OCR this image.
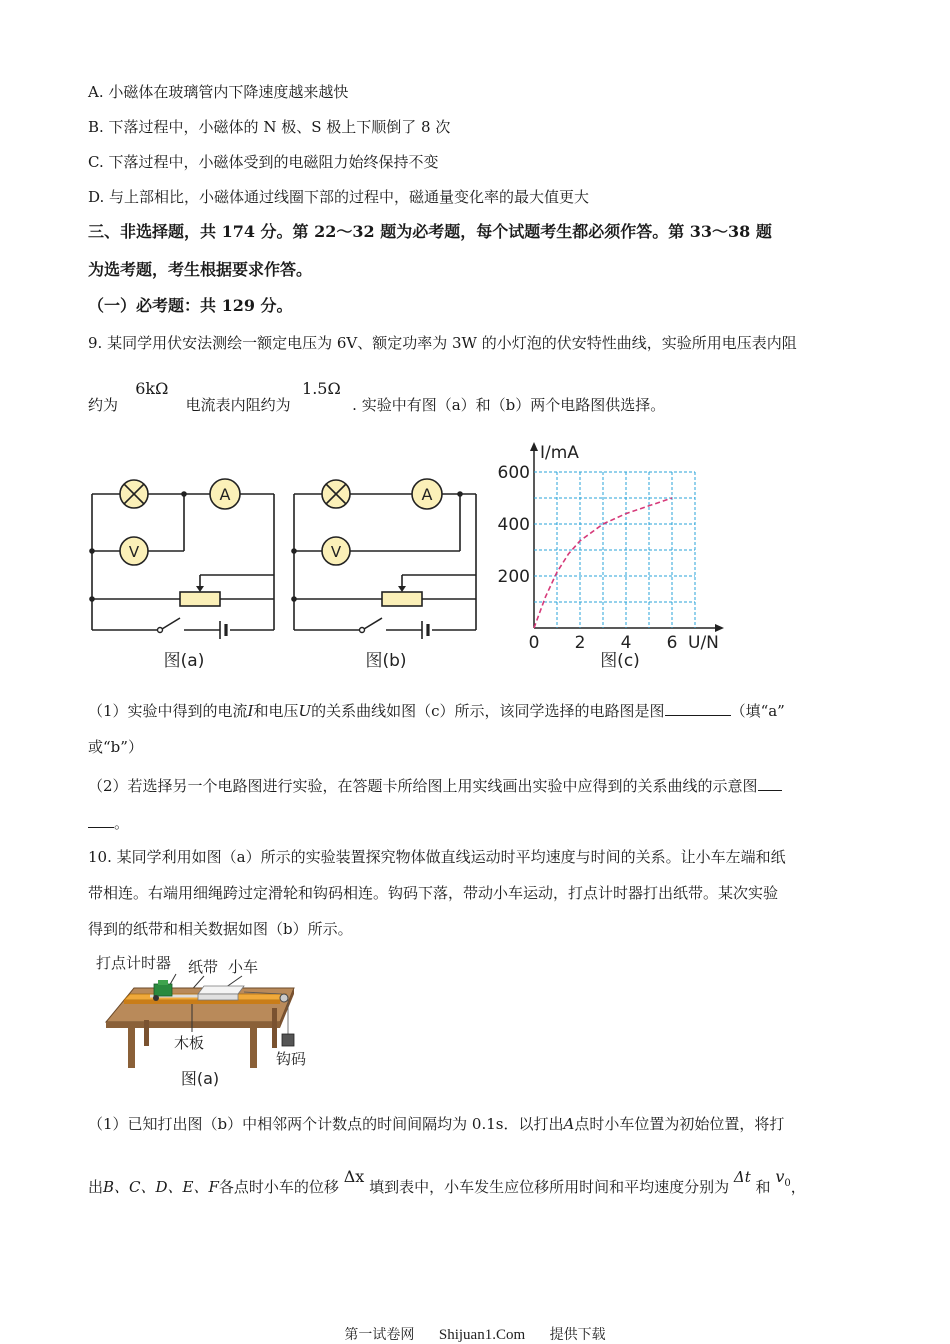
A. 小磁体在玻璃管内下降速度越来越快
B. 下落过程中，小磁体的 N 极、S 极上下顺倒了 8 次
C. 下落过程中，小磁体受到的电磁阻力始终保持不变
D. 与上部相比，小磁体通过线圈下部的过程中，磁通量变化率的最大值更大
三、非选择题，共 174 分。第 22～32 题为必考题，每个试题考生都必须作答。第 33～38 题
为选考题，考生根据要求作答。
（一）必考题：共 129 分。
9. 某同学用伏安法测绘一额定电压为 6V、额定功率为 3W 的小灯泡的伏安特性曲线，实验所用电压表内阻
约为 6kΩ 电流表内阻约为 1.5Ω . 实验中有图（a）和（b）两个电路图供选择。
A
V
图(a)
A
V
图(b)
I/mA
U/N
0 2 4 6
200
400
600
图(c)
（1）实验中得到的电流I和电压U的关系曲线如图（c）所示，该同学选择的电路图是图	（填“a”
或“b”）
（2）若选择另一个电路图进行实验，在答题卡所给图上用实线画出实验中应得到的关系曲线的示意图
。
10. 某同学利用如图（a）所示的实验装置探究物体做直线运动时平均速度与时间的关系。让小车左端和纸
带相连。右端用细绳跨过定滑轮和钩码相连。钩码下落，带动小车运动，打点计时器打出纸带。某次实验
得到的纸带和相关数据如图（b）所示。
打点计时器 纸带 小车
木板
钩码
图(a)
（1）已知打出图（b）中相邻两个计数点的时间间隔均为 0.1s．以打出A点时小车位置为初始位置，将打
出B、C、D、E、F各点时小车的位移 Δx 填到表中，小车发生应位移所用时间和平均速度分别为 Δt 和 $v_0$，
第一试卷网 Shijuan1.Com 提供下载
